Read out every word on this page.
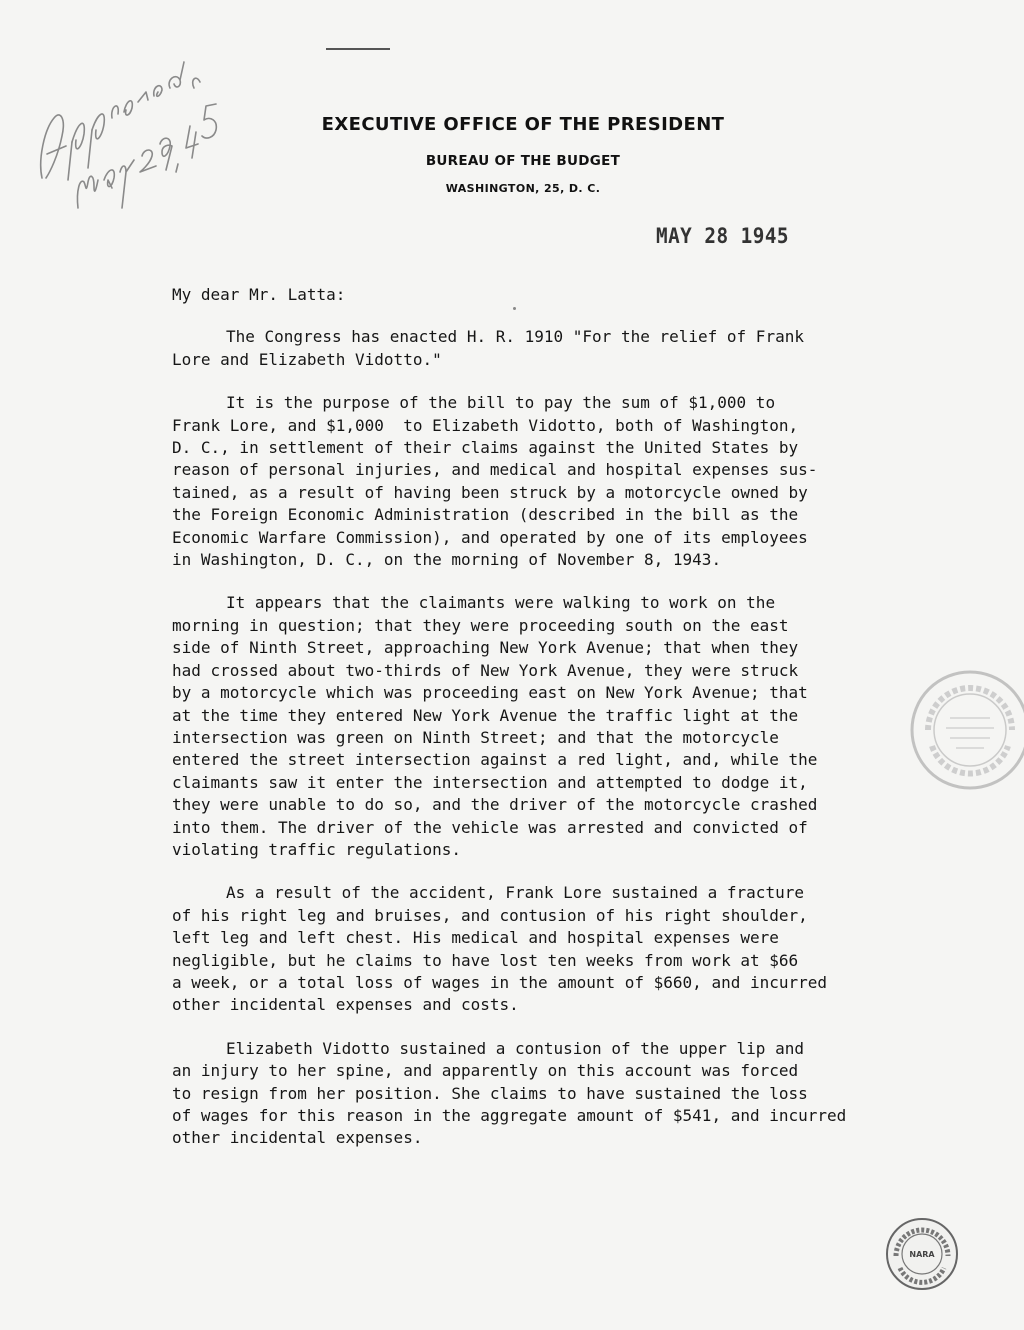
EXECUTIVE OFFICE OF THE PRESIDENT

BUREAU OF THE BUDGET

WASHINGTON, 25, D. C.

MAY 28 1945
My dear Mr. Latta:
The Congress has enacted H. R. 1910 "For the relief of Frank
Lore and Elizabeth Vidotto."
It is the purpose of the bill to pay the sum of $1,000 to
Frank Lore, and $1,000  to Elizabeth Vidotto, both of Washington,
D. C., in settlement of their claims against the United States by
reason of personal injuries, and medical and hospital expenses sus-
tained, as a result of having been struck by a motorcycle owned by
the Foreign Economic Administration (described in the bill as the
Economic Warfare Commission), and operated by one of its employees
in Washington, D. C., on the morning of November 8, 1943.
It appears that the claimants were walking to work on the
morning in question; that they were proceeding south on the east
side of Ninth Street, approaching New York Avenue; that when they
had crossed about two-thirds of New York Avenue, they were struck
by a motorcycle which was proceeding east on New York Avenue; that
at the time they entered New York Avenue the traffic light at the
intersection was green on Ninth Street; and that the motorcycle
entered the street intersection against a red light, and, while the
claimants saw it enter the intersection and attempted to dodge it,
they were unable to do so, and the driver of the motorcycle crashed
into them. The driver of the vehicle was arrested and convicted of
violating traffic regulations.
As a result of the accident, Frank Lore sustained a fracture
of his right leg and bruises, and contusion of his right shoulder,
left leg and left chest. His medical and hospital expenses were
negligible, but he claims to have lost ten weeks from work at $66
a week, or a total loss of wages in the amount of $660, and incurred
other incidental expenses and costs.
Elizabeth Vidotto sustained a contusion of the upper lip and
an injury to her spine, and apparently on this account was forced
to resign from her position. She claims to have sustained the loss
of wages for this reason in the aggregate amount of $541, and incurred
other incidental expenses.
NARA
